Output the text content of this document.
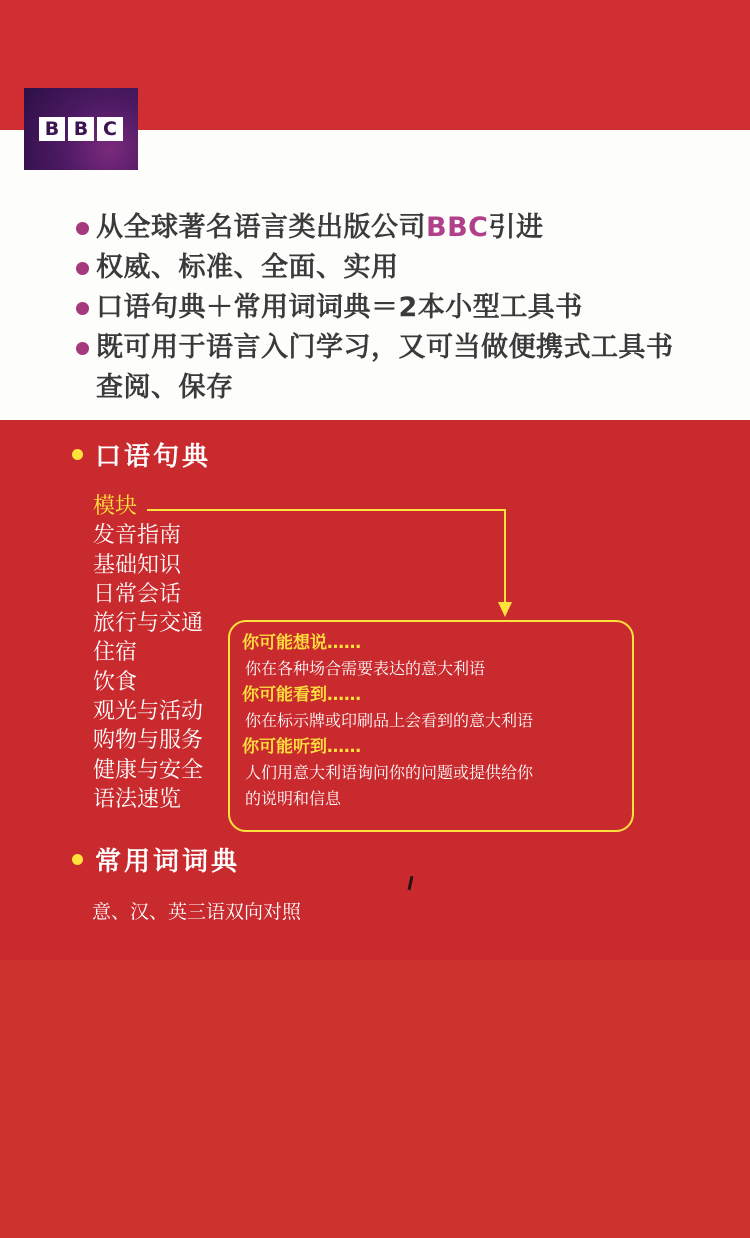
B B C
从全球著名语言类出版公司BBC引进
权威、标准、全面、实用
口语句典＋常用词词典＝2本小型工具书
既可用于语言入门学习，又可当做便携式工具书
查阅、保存
口语句典
模块
发音指南
基础知识
日常会话
旅行与交通
住宿
饮食
观光与活动
购物与服务
健康与安全
语法速览
你可能想说……
你在各种场合需要表达的意大利语
你可能看到……
你在标示牌或印刷品上会看到的意大利语
你可能听到……
人们用意大利语询问你的问题或提供给你
的说明和信息
常用词词典
意、汉、英三语双向对照
